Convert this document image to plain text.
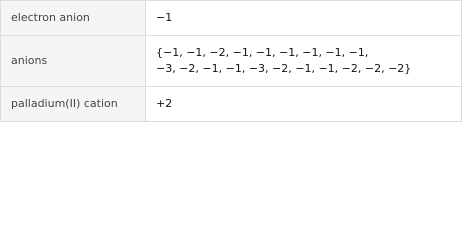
electron anion	−1

anions	{−1, −1, −2, −1, −1, −1, −1, −1, −1,
−3, −2, −1, −1, −3, −2, −1, −1, −2, −2, −2}

palladium(II) cation	+2
